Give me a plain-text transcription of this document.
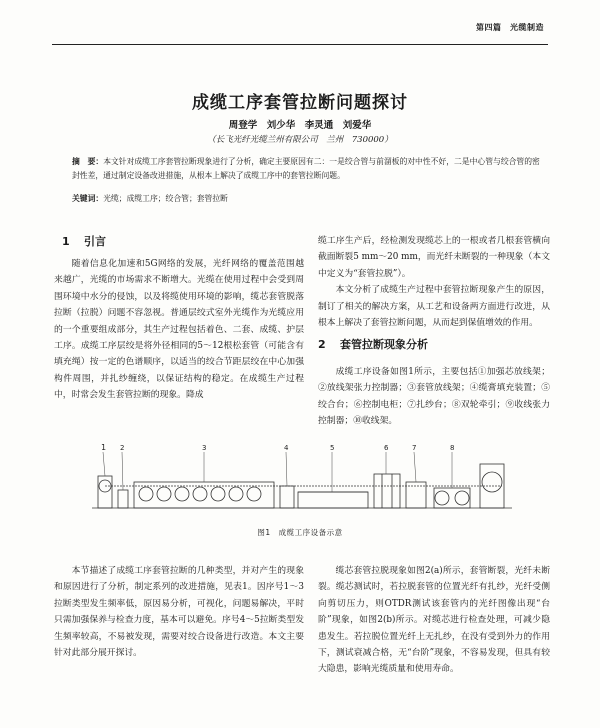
第四篇　光缆制造
成缆工序套管拉断问题探讨
周登学　刘少华　李灵通　刘爱华
（长飞光纤光缆兰州有限公司　兰州　730000）
摘　要：本文针对成缆工序套管拉断现象进行了分析，确定主要原因有二：一是绞合管与前溜板的对中性不好，二是中心管与绞合管的密封性差，通过制定设备改进措施，从根本上解决了成缆工序中的套管拉断问题。
关键词：光缆；成缆工序；绞合管；套管拉断
1 引言

随着信息化加速和5G网络的发展，光纤网络的覆盖范围越来越广，光缆的市场需求不断增大。光缆在使用过程中会受到周围环境中水分的侵蚀，以及将缆使用环境的影响，缆芯套管脱落拉断（拉脱）问题不容忽视。普通层绞式室外光缆作为光缆应用的一个重要组成部分，其生产过程包括着色、二套、成缆、护层工序。成缆工序层绞是将外径相同的5～12根松套管（可能含有填充绳）按一定的色谱顺序，以适当的绞合节距层绞在中心加强构件周围，并扎纱缠绕，以保证结构的稳定。在成缆生产过程中，时常会发生套管拉断的现象。降成

缆工序生产后，经检测发现缆芯上的一根或者几根套管横向截面断裂5 mm～20 mm，而光纤未断裂的一种现象（本文中定义为“套管拉脱”）。

本文分析了成缆生产过程中套管拉断现象产生的原因，制订了相关的解决方案，从工艺和设备两方面进行改进，从根本上解决了套管拉断问题，从而起到保值增效的作用。

2 套管拉断现象分析

成缆工序设备如图1所示，主要包括①加强芯放线架；②放线架张力控制器；③套管放线架；④缆膏填充装置；⑤绞合台；⑥控制电柜；⑦扎纱台；⑧双轮牵引；⑨收线张力控制器；⑩收线架。

1 2	3	4	5	6	7	8
图1　成缆工序设备示意

本节描述了成缆工序套管拉断的几种类型，并对产生的现象和原因进行了分析，制定系列的改进措施，见表1。因序号1～3拉断类型发生频率低，原因易分析，可视化，问题易解决，平时只需加强保养与检查力度，基本可以避免。序号4～5拉断类型发生频率较高，不易被发现，需要对绞合设备进行改造。本文主要针对此部分展开探讨。

缆芯套管拉脱现象如图2(a)所示，套管断裂，光纤未断裂。缆芯测试时，若拉脱套管的位置光纤有扎纱，光纤受侧向剪切压力，则OTDR测试该套管内的光纤图像出现“台阶”现象，如图2(b)所示。对缆芯进行检查处理，可减少隐患发生。若拉脱位置光纤上无扎纱，在没有受到外力的作用下，测试衰减合格，无“台阶”现象，不容易发现，但具有较大隐患，影响光缆质量和使用寿命。
